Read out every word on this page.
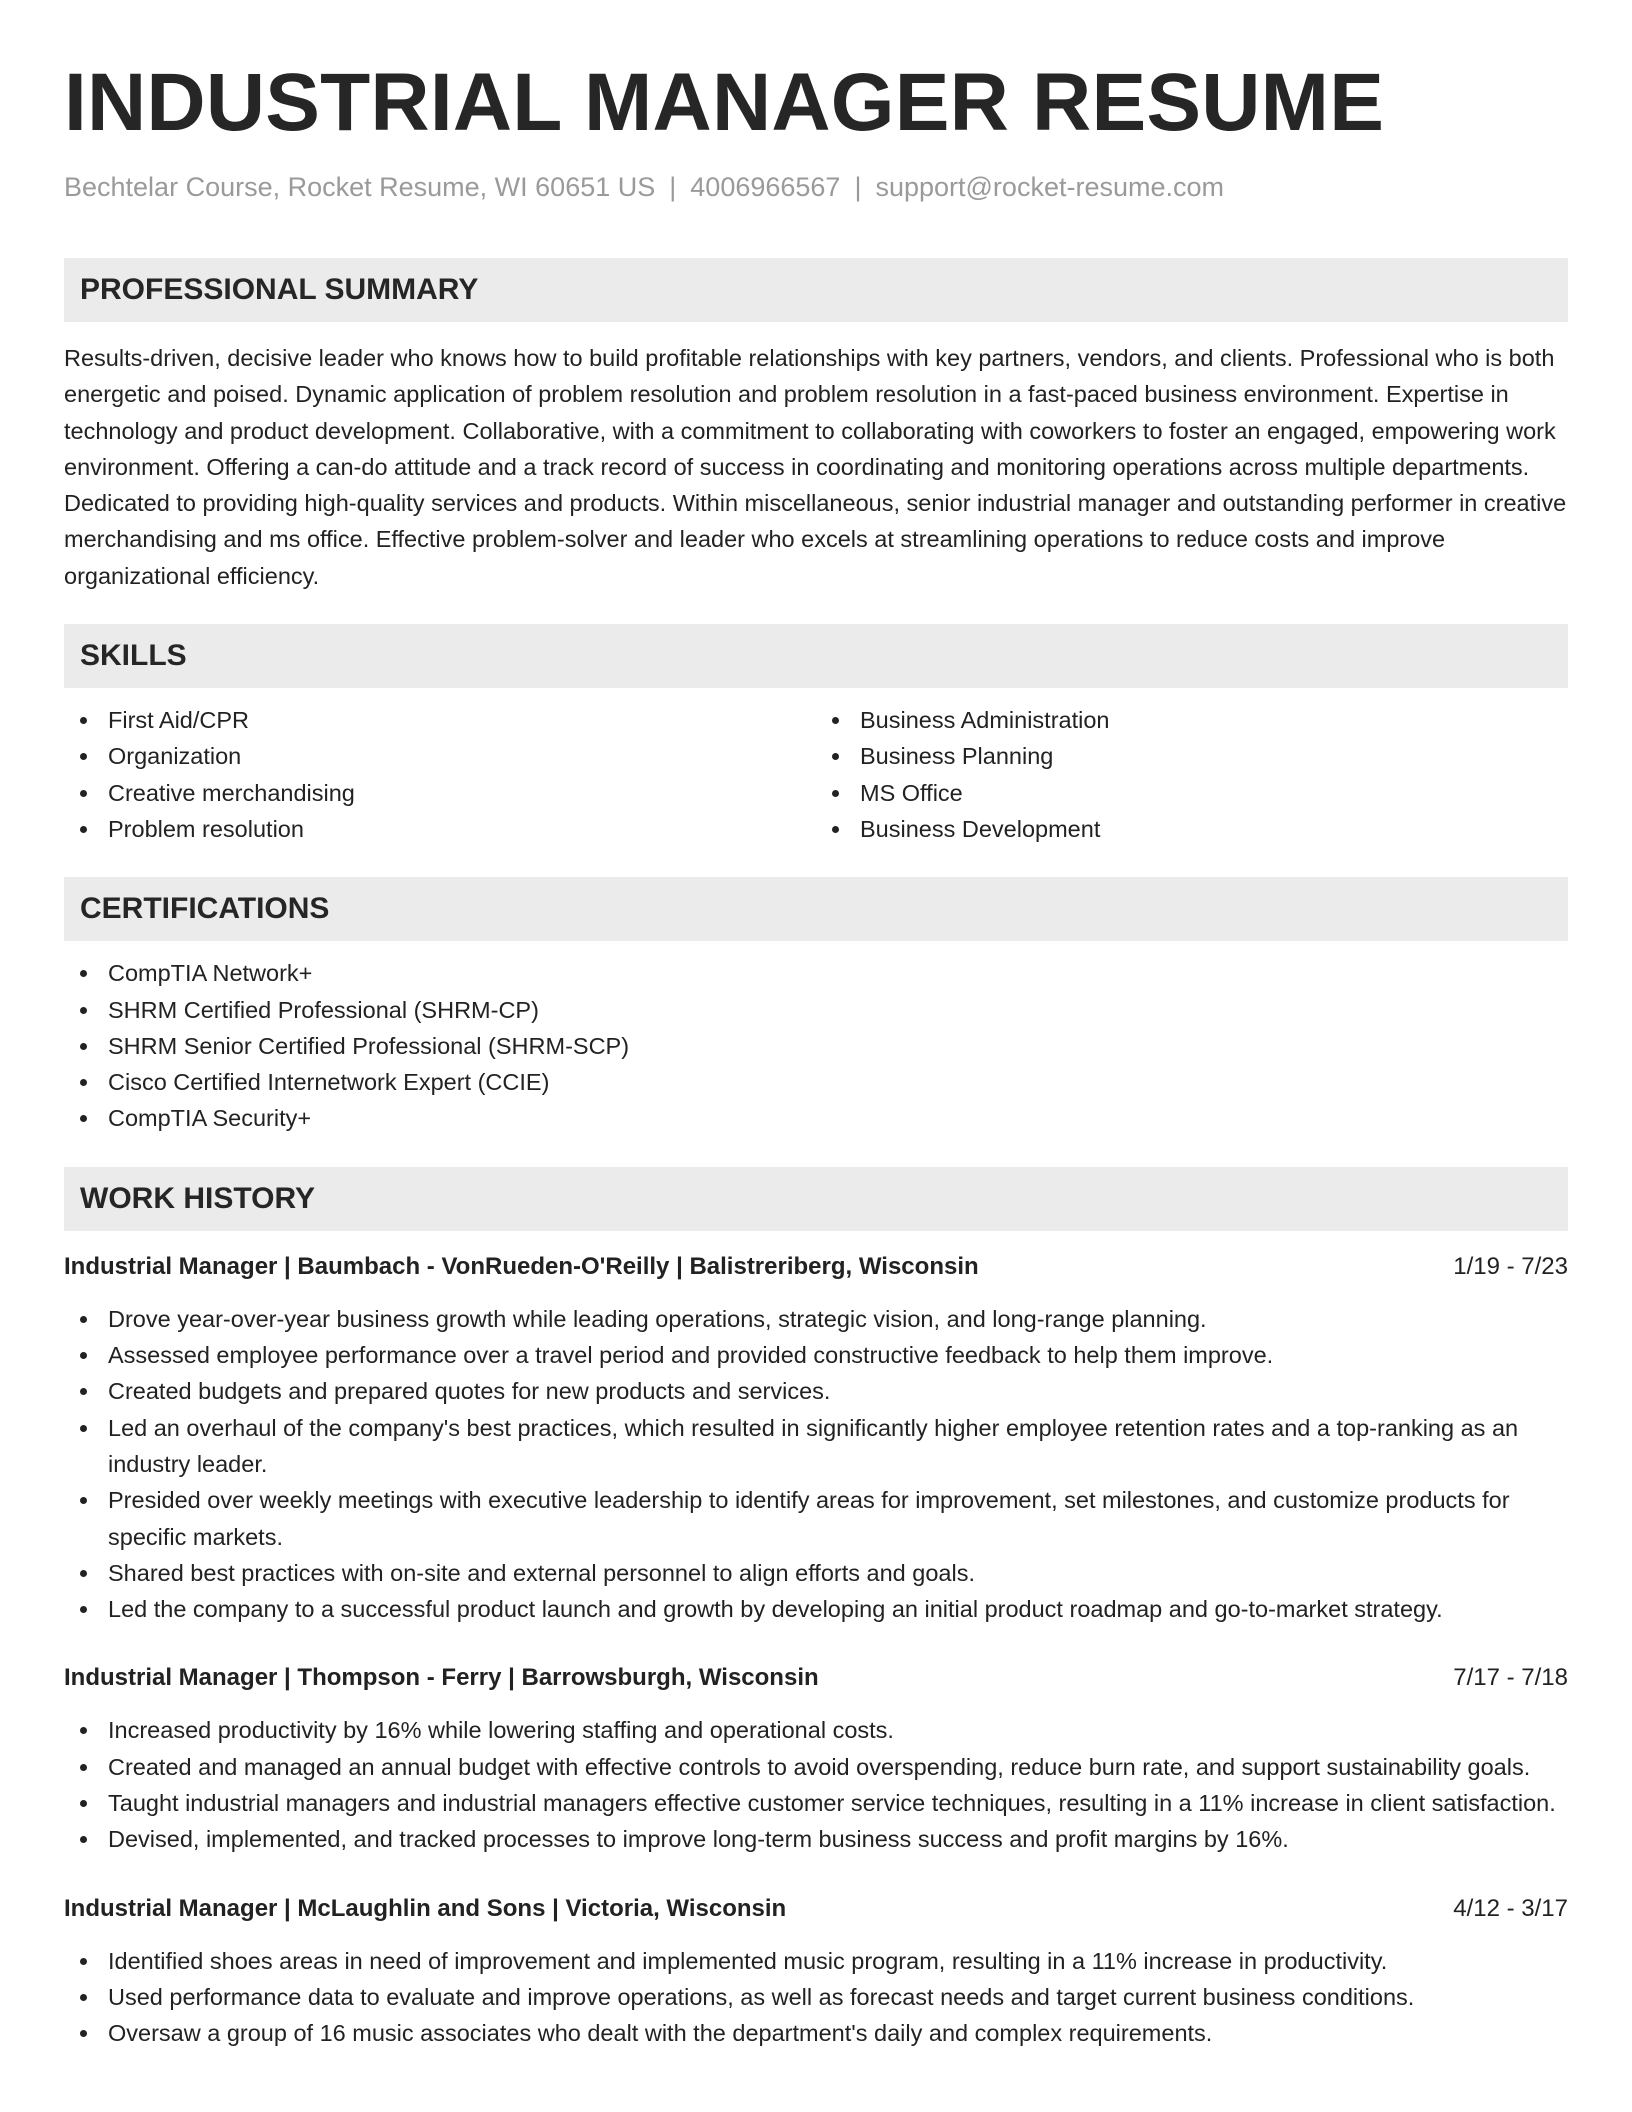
INDUSTRIAL MANAGER RESUME
Bechtelar Course, Rocket Resume, WI 60651 US | 4006966567 | support@rocket-resume.com
PROFESSIONAL SUMMARY

Results-driven, decisive leader who knows how to build profitable relationships with key partners, vendors, and clients. Professional who is both energetic and poised. Dynamic application of problem resolution and problem resolution in a fast-paced business environment. Expertise in technology and product development. Collaborative, with a commitment to collaborating with coworkers to foster an engaged, empowering work environment. Offering a can-do attitude and a track record of success in coordinating and monitoring operations across multiple departments. Dedicated to providing high-quality services and products. Within miscellaneous, senior industrial manager and outstanding performer in creative merchandising and ms office. Effective problem-solver and leader who excels at streamlining operations to reduce costs and improve organizational efficiency.

SKILLS
First Aid/CPR
Organization
Creative merchandising
Problem resolution
Business Administration
Business Planning
MS Office
Business Development
CERTIFICATIONS
CompTIA Network+
SHRM Certified Professional (SHRM-CP)
SHRM Senior Certified Professional (SHRM-SCP)
Cisco Certified Internetwork Expert (CCIE)
CompTIA Security+
WORK HISTORY
Industrial Manager | Baumbach - VonRueden-O'Reilly | Balistreriberg, Wisconsin	1/19 - 7/23
Drove year-over-year business growth while leading operations, strategic vision, and long-range planning.
Assessed employee performance over a travel period and provided constructive feedback to help them improve.
Created budgets and prepared quotes for new products and services.
Led an overhaul of the company's best practices, which resulted in significantly higher employee retention rates and a top-ranking as an industry leader.
Presided over weekly meetings with executive leadership to identify areas for improvement, set milestones, and customize products for specific markets.
Shared best practices with on-site and external personnel to align efforts and goals.
Led the company to a successful product launch and growth by developing an initial product roadmap and go-to-market strategy.
Industrial Manager | Thompson - Ferry | Barrowsburgh, Wisconsin	7/17 - 7/18
Increased productivity by 16% while lowering staffing and operational costs.
Created and managed an annual budget with effective controls to avoid overspending, reduce burn rate, and support sustainability goals.
Taught industrial managers and industrial managers effective customer service techniques, resulting in a 11% increase in client satisfaction.
Devised, implemented, and tracked processes to improve long-term business success and profit margins by 16%.
Industrial Manager | McLaughlin and Sons | Victoria, Wisconsin	4/12 - 3/17
Identified shoes areas in need of improvement and implemented music program, resulting in a 11% increase in productivity.
Used performance data to evaluate and improve operations, as well as forecast needs and target current business conditions.
Oversaw a group of 16 music associates who dealt with the department's daily and complex requirements.
